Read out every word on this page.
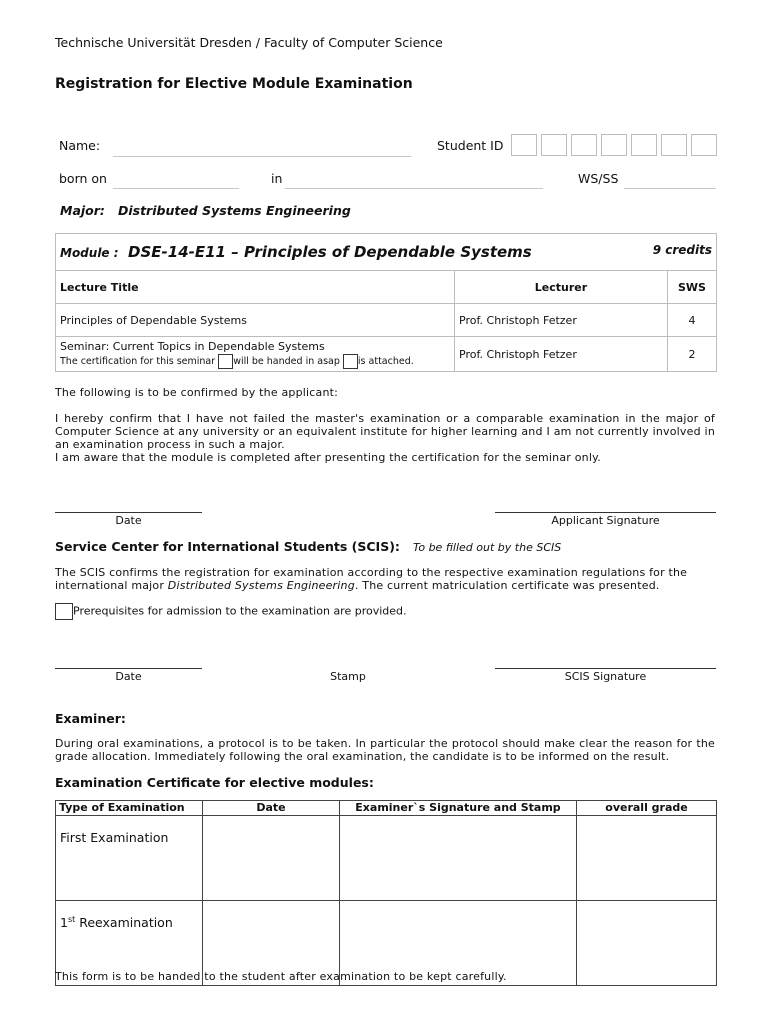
Technische Universität Dresden / Faculty of Computer Science
Registration for Elective Module Examination
Name:	Student ID
born on	in	WS/SS
Major: Distributed Systems Engineering
Module : DSE-14-E11 – Principles of Dependable Systems 9 credits		

Lecture Title	Lecturer	SWS
Principles of Dependable Systems	Prof. Christoph Fetzer	4

Seminar: Current Topics in Dependable Systems
The certification for this seminar will be handed in asap is attached.	Prof. Christoph Fetzer	2
The following is to be confirmed by the applicant:
I hereby confirm that I have not failed the master's examination or a comparable examination in the major of Computer Science at any university or an equivalent institute for higher learning and I am not currently involved in an examination process in such a major.
I am aware that the module is completed after presenting the certification for the seminar only.
Date	Applicant Signature
Service Center for International Students (SCIS): To be filled out by the SCIS
The SCIS confirms the registration for examination according to the respective examination regulations for the international major Distributed Systems Engineering. The current matriculation certificate was presented.
Prerequisites for admission to the examination are provided.
Date	Stamp	SCIS Signature
Examiner:
During oral examinations, a protocol is to be taken. In particular the protocol should make clear the reason for the grade allocation. Immediately following the oral examination, the candidate is to be informed on the result.
Examination Certificate for elective modules:
Type of Examination	Date	Examiner`s Signature and Stamp	overall grade
First Examination			
1st Reexamination			
This form is to be handed to the student after examination to be kept carefully.
